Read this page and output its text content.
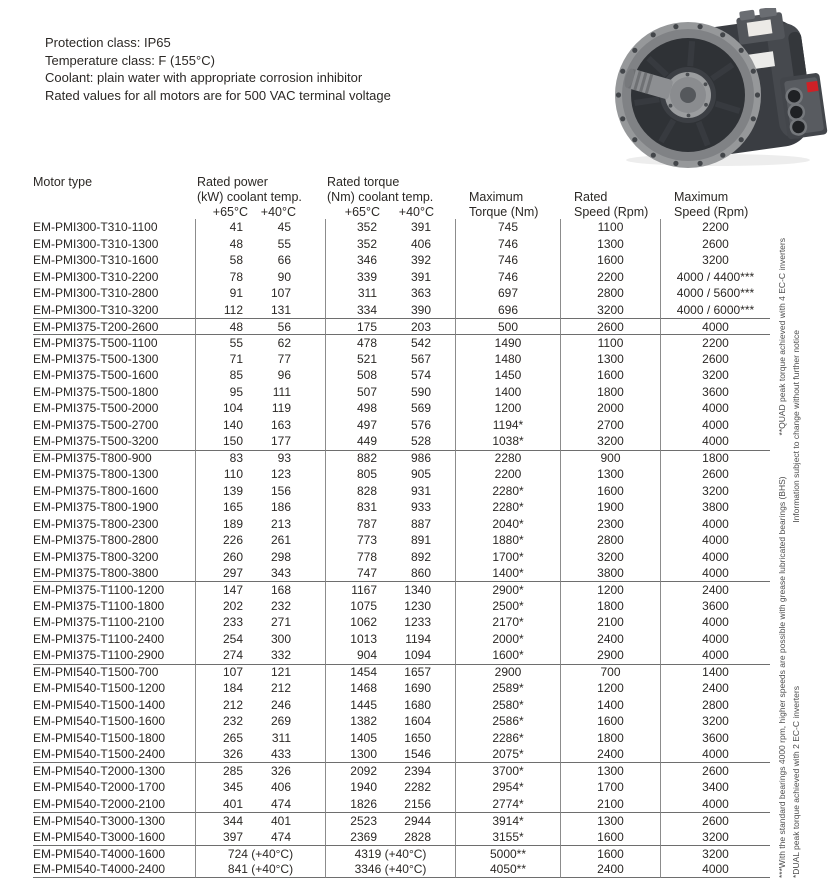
Protection class: IP65
Temperature class: F (155°C)
Coolant: plain water with appropriate corrosion inhibitor
Rated values for all motors are for 500 VAC terminal voltage
Motor type	Rated power	Rated torque
(kW) coolant temp.	(Nm) coolant temp.	Maximum	Rated	Maximum
+65°C	+40°C	+65°C	+40°C	Torque (Nm)	Speed (Rpm)	Speed (Rpm)
EM-PMI300-T310-1100	41	45	352	391	745	1100	2200
EM-PMI300-T310-1300	48	55	352	406	746	1300	2600
EM-PMI300-T310-1600	58	66	346	392	746	1600	3200
EM-PMI300-T310-2200	78	90	339	391	746	2200	4000 / 4400***
EM-PMI300-T310-2800	91	107	311	363	697	2800	4000 / 5600***
EM-PMI300-T310-3200	112	131	334	390	696	3200	4000 / 6000***
EM-PMI375-T200-2600	48	56	175	203	500	2600	4000
EM-PMI375-T500-1100	55	62	478	542	1490	1100	2200
EM-PMI375-T500-1300	71	77	521	567	1480	1300	2600
EM-PMI375-T500-1600	85	96	508	574	1450	1600	3200
EM-PMI375-T500-1800	95	111	507	590	1400	1800	3600
EM-PMI375-T500-2000	104	119	498	569	1200	2000	4000
EM-PMI375-T500-2700	140	163	497	576	1194*	2700	4000
EM-PMI375-T500-3200	150	177	449	528	1038*	3200	4000
EM-PMI375-T800-900	83	93	882	986	2280	900	1800
EM-PMI375-T800-1300	110	123	805	905	2200	1300	2600
EM-PMI375-T800-1600	139	156	828	931	2280*	1600	3200
EM-PMI375-T800-1900	165	186	831	933	2280*	1900	3800
EM-PMI375-T800-2300	189	213	787	887	2040*	2300	4000
EM-PMI375-T800-2800	226	261	773	891	1880*	2800	4000
EM-PMI375-T800-3200	260	298	778	892	1700*	3200	4000
EM-PMI375-T800-3800	297	343	747	860	1400*	3800	4000
EM-PMI375-T1100-1200	147	168	1167	1340	2900*	1200	2400
EM-PMI375-T1100-1800	202	232	1075	1230	2500*	1800	3600
EM-PMI375-T1100-2100	233	271	1062	1233	2170*	2100	4000
EM-PMI375-T1100-2400	254	300	1013	1194	2000*	2400	4000
EM-PMI375-T1100-2900	274	332	904	1094	1600*	2900	4000
EM-PMI540-T1500-700	107	121	1454	1657	2900	700	1400
EM-PMI540-T1500-1200	184	212	1468	1690	2589*	1200	2400
EM-PMI540-T1500-1400	212	246	1445	1680	2580*	1400	2800
EM-PMI540-T1500-1600	232	269	1382	1604	2586*	1600	3200
EM-PMI540-T1500-1800	265	311	1405	1650	2286*	1800	3600
EM-PMI540-T1500-2400	326	433	1300	1546	2075*	2400	4000
EM-PMI540-T2000-1300	285	326	2092	2394	3700*	1300	2600
EM-PMI540-T2000-1700	345	406	1940	2282	2954*	1700	3400
EM-PMI540-T2000-2100	401	474	1826	2156	2774*	2100	4000
EM-PMI540-T3000-1300	344	401	2523	2944	3914*	1300	2600
EM-PMI540-T3000-1600	397	474	2369	2828	3155*	1600	3200
EM-PMI540-T4000-1600	724 (+40°C)	4319 (+40°C)	5000**	1600	3200
EM-PMI540-T4000-2400	841 (+40°C)	3346 (+40°C)	4050**	2400	4000	***With the standard bearings 4000 rpm, higher speeds are possible with grease lubricated bearings (BHS)
**QUAD peak torque achieved with 4 EC-C inverters
*DUAL peak torque achieved with 2 EC-C inverters
Information subject to change without further notice
